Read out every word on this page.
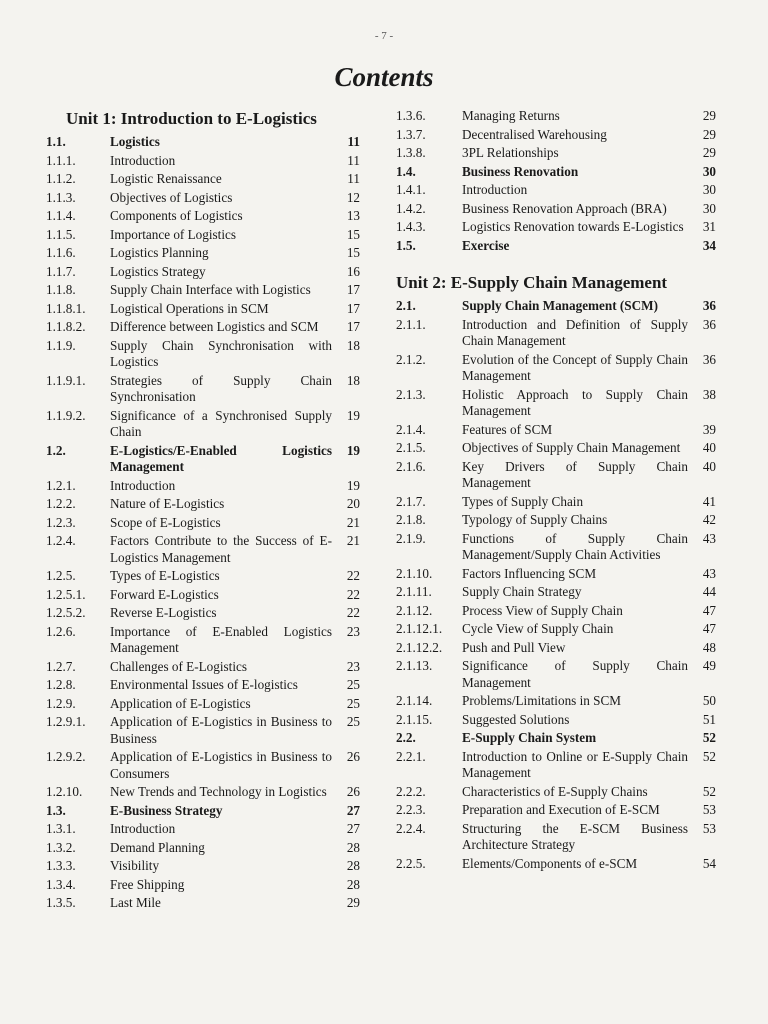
- 7 -
Contents
Unit 1: Introduction to E-Logistics
1.1.	Logistics	11
1.1.1.	Introduction	11
1.1.2.	Logistic Renaissance	11
1.1.3.	Objectives of Logistics	12
1.1.4.	Components of Logistics	13
1.1.5.	Importance of Logistics	15
1.1.6.	Logistics Planning	15
1.1.7.	Logistics Strategy	16
1.1.8.	Supply Chain Interface with Logistics	17
1.1.8.1.	Logistical Operations in SCM	17
1.1.8.2.	Difference between Logistics and SCM	17
1.1.9.	Supply Chain Synchronisation with Logistics
18
1.1.9.1.	Strategies of Supply Chain Synchronisation
18
1.1.9.2.	Significance of a Synchronised Supply Chain
19
1.2.	E-Logistics/E-Enabled Logistics Management
19
1.2.1.	Introduction	19
1.2.2.	Nature of E-Logistics	20
1.2.3.	Scope of E-Logistics	21
1.2.4.	Factors Contribute to the Success of E-Logistics Management
21
1.2.5.	Types of E-Logistics	22
1.2.5.1.	Forward E-Logistics	22
1.2.5.2.	Reverse E-Logistics	22
1.2.6.	Importance of E-Enabled Logistics Management
23
1.2.7.	Challenges of E-Logistics	23
1.2.8.	Environmental Issues of E-logistics	25
1.2.9.	Application of E-Logistics	25
1.2.9.1.	Application of E-Logistics in Business to Business
25
1.2.9.2.	Application of E-Logistics in Business to Consumers
26
1.2.10.	New Trends and Technology in Logistics	26
1.3.	E-Business Strategy	27
1.3.1.	Introduction	27
1.3.2.	Demand Planning	28
1.3.3.	Visibility	28
1.3.4.	Free Shipping	28
1.3.5.	Last Mile	29
1.3.6.	Managing Returns	29
1.3.7.	Decentralised Warehousing	29
1.3.8.	3PL Relationships	29
1.4.	Business Renovation	30
1.4.1.	Introduction	30
1.4.2.	Business Renovation Approach (BRA)	30
1.4.3.	Logistics Renovation towards E-Logistics	31
1.5.	Exercise	34
Unit 2: E-Supply Chain Management
2.1.	Supply Chain Management (SCM)	36
2.1.1.	Introduction and Definition of Supply Chain Management
36
2.1.2.	Evolution of the Concept of Supply Chain Management
36
2.1.3.	Holistic Approach to Supply Chain Management
38
2.1.4.	Features of SCM	39
2.1.5.	Objectives of Supply Chain Management	40
2.1.6.	Key Drivers of Supply Chain Management
40
2.1.7.	Types of Supply Chain	41
2.1.8.	Typology of Supply Chains	42
2.1.9.	Functions of Supply Chain Management/Supply Chain Activities
43
2.1.10.	Factors Influencing SCM	43
2.1.11.	Supply Chain Strategy	44
2.1.12.	Process View of Supply Chain	47
2.1.12.1.	Cycle View of Supply Chain	47
2.1.12.2.	Push and Pull View	48
2.1.13.	Significance of Supply Chain Management
49
2.1.14.	Problems/Limitations in SCM	50
2.1.15.	Suggested Solutions	51
2.2.	E-Supply Chain System	52
2.2.1.	Introduction to Online or E-Supply Chain Management
52
2.2.2.	Characteristics of E-Supply Chains	52
2.2.3.	Preparation and Execution of E-SCM	53
2.2.4.	Structuring the E-SCM Business Architecture Strategy
53
2.2.5.	Elements/Components of e-SCM	54
